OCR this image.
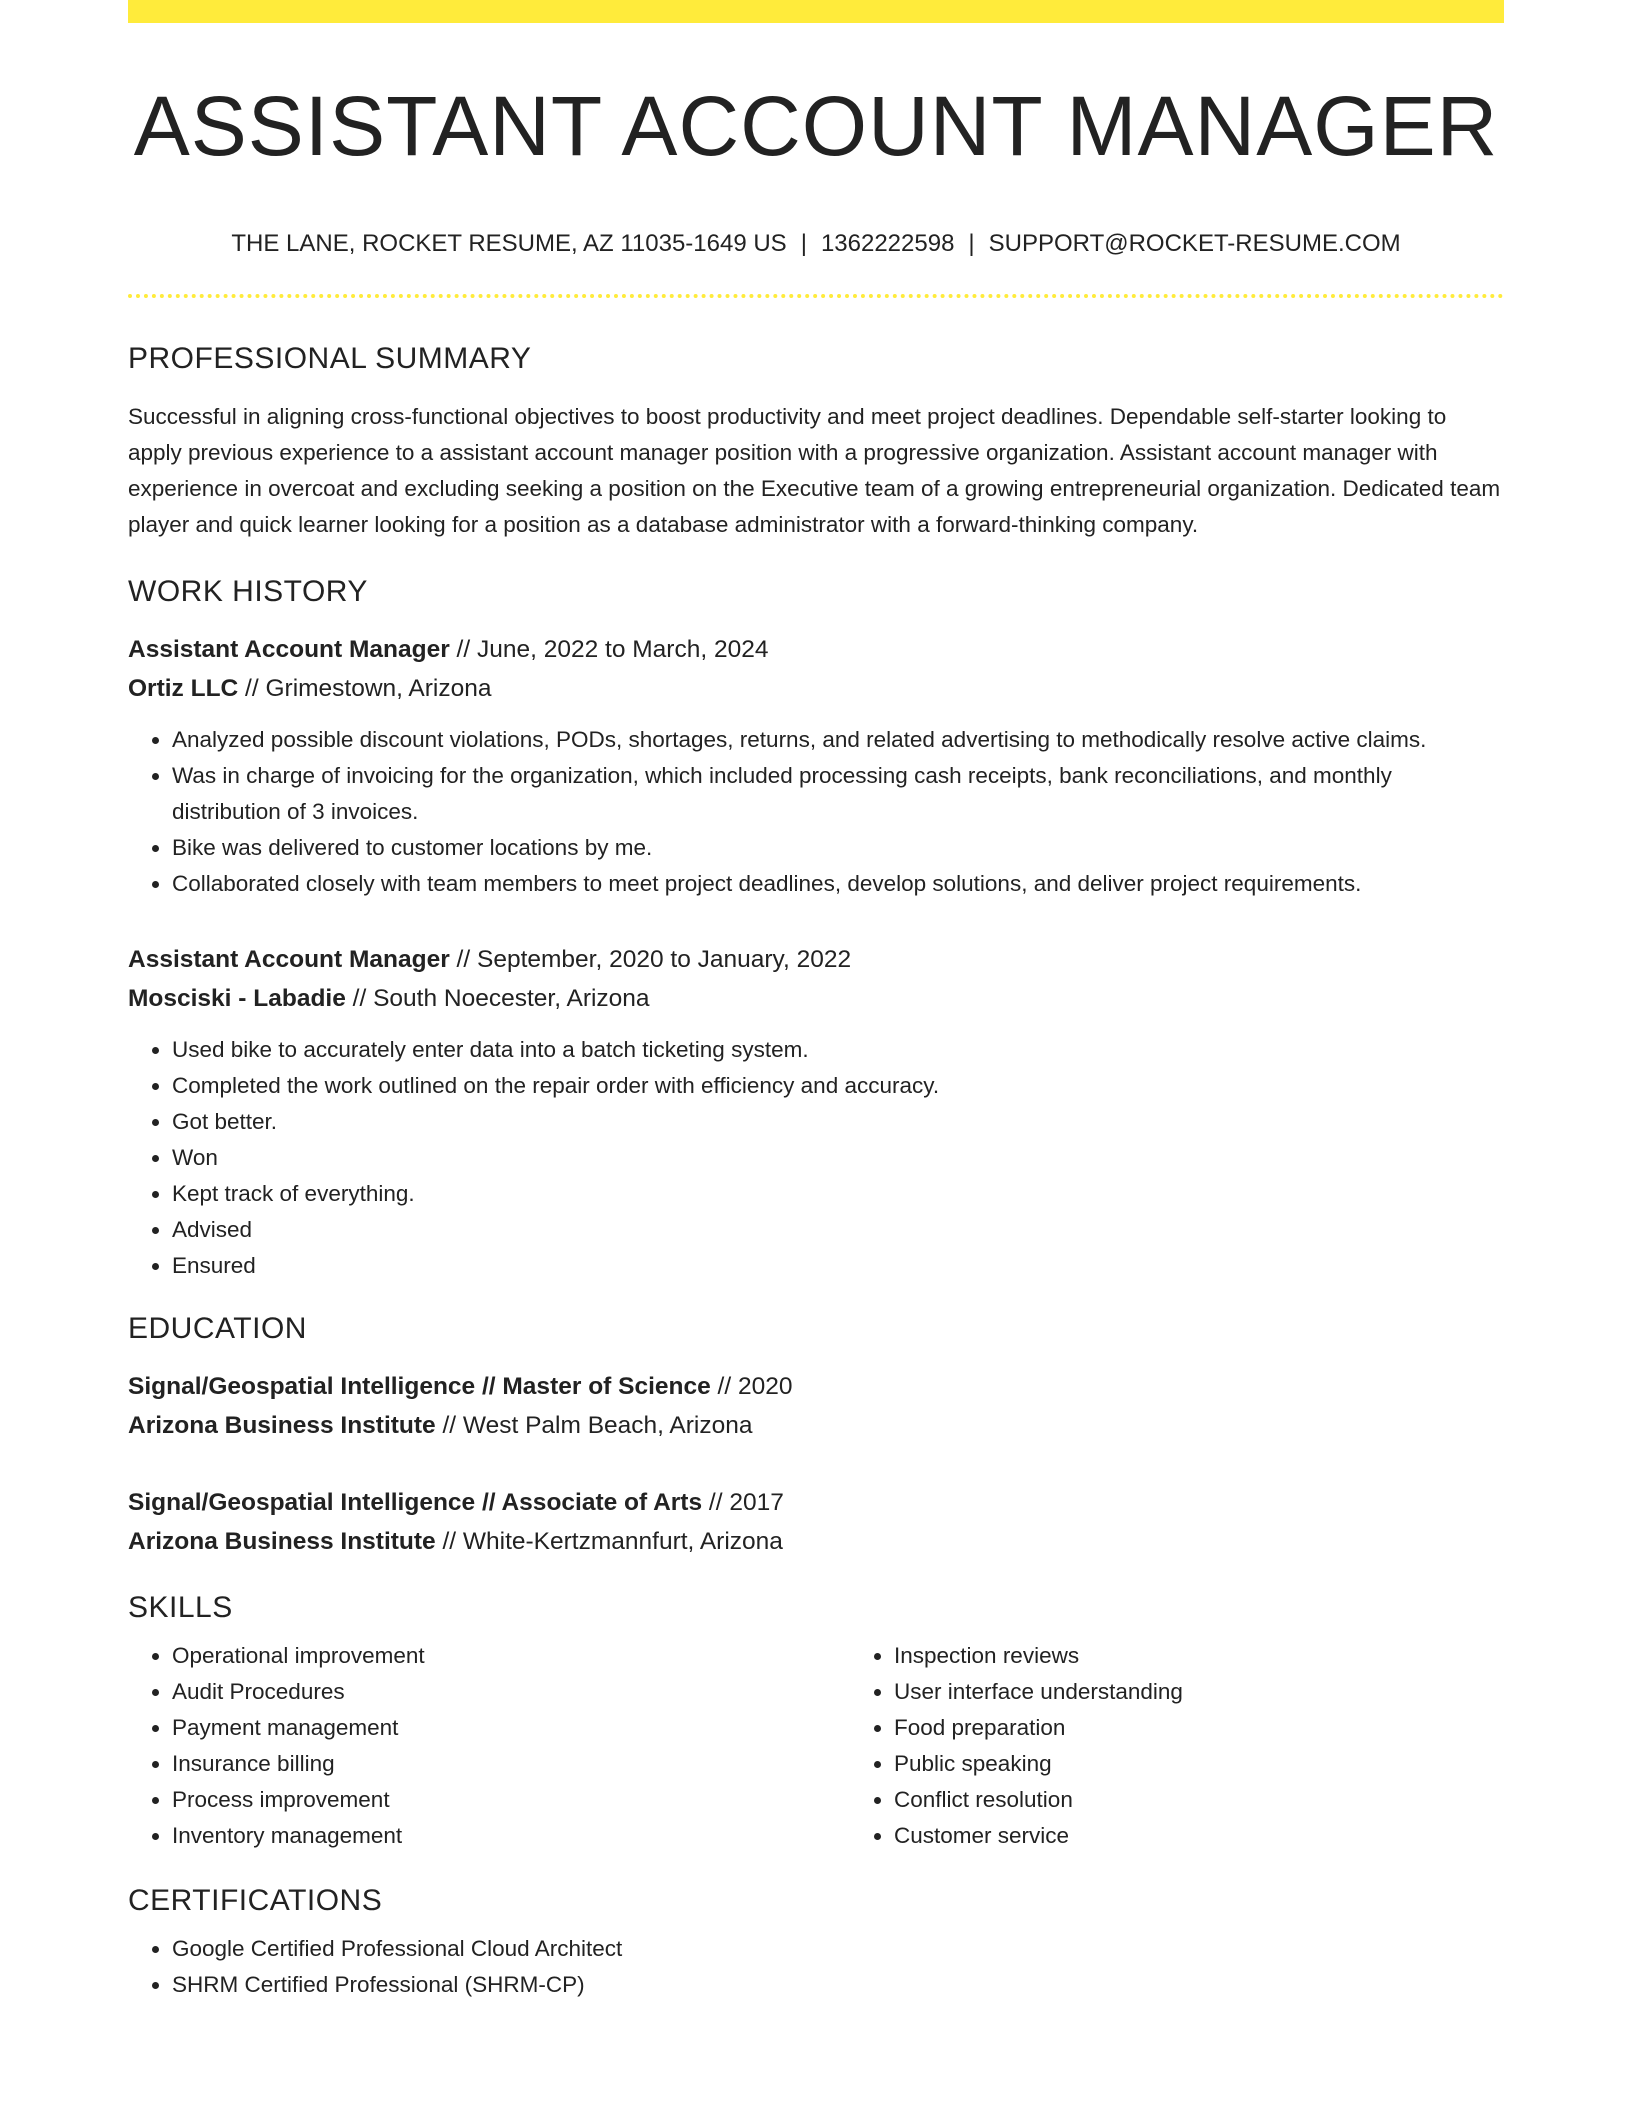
ASSISTANT ACCOUNT MANAGER
THE LANE, ROCKET RESUME, AZ 11035-1649 US | 1362222598 | SUPPORT@ROCKET-RESUME.COM
PROFESSIONAL SUMMARY
Successful in aligning cross-functional objectives to boost productivity and meet project deadlines. Dependable self-starter looking to apply previous experience to a assistant account manager position with a progressive organization. Assistant account manager with experience in overcoat and excluding seeking a position on the Executive team of a growing entrepreneurial organization. Dedicated team player and quick learner looking for a position as a database administrator with a forward-thinking company.
WORK HISTORY
Assistant Account Manager // June, 2022 to March, 2024
Ortiz LLC // Grimestown, Arizona
• Analyzed possible discount violations, PODs, shortages, returns, and related advertising to methodically resolve active claims.
• Was in charge of invoicing for the organization, which included processing cash receipts, bank reconciliations, and monthly distribution of 3 invoices.
• Bike was delivered to customer locations by me.
• Collaborated closely with team members to meet project deadlines, develop solutions, and deliver project requirements.
Assistant Account Manager // September, 2020 to January, 2022
Mosciski - Labadie // South Noecester, Arizona
• Used bike to accurately enter data into a batch ticketing system.
• Completed the work outlined on the repair order with efficiency and accuracy.
• Got better.
• Won
• Kept track of everything.
• Advised
• Ensured
EDUCATION
Signal/Geospatial Intelligence // Master of Science // 2020
Arizona Business Institute // West Palm Beach, Arizona
Signal/Geospatial Intelligence // Associate of Arts // 2017
Arizona Business Institute // White-Kertzmannfurt, Arizona
SKILLS
• Operational improvement
• Audit Procedures
• Payment management
• Insurance billing
• Process improvement
• Inventory management
• Inspection reviews
• User interface understanding
• Food preparation
• Public speaking
• Conflict resolution
• Customer service
CERTIFICATIONS
• Google Certified Professional Cloud Architect
• SHRM Certified Professional (SHRM-CP)
